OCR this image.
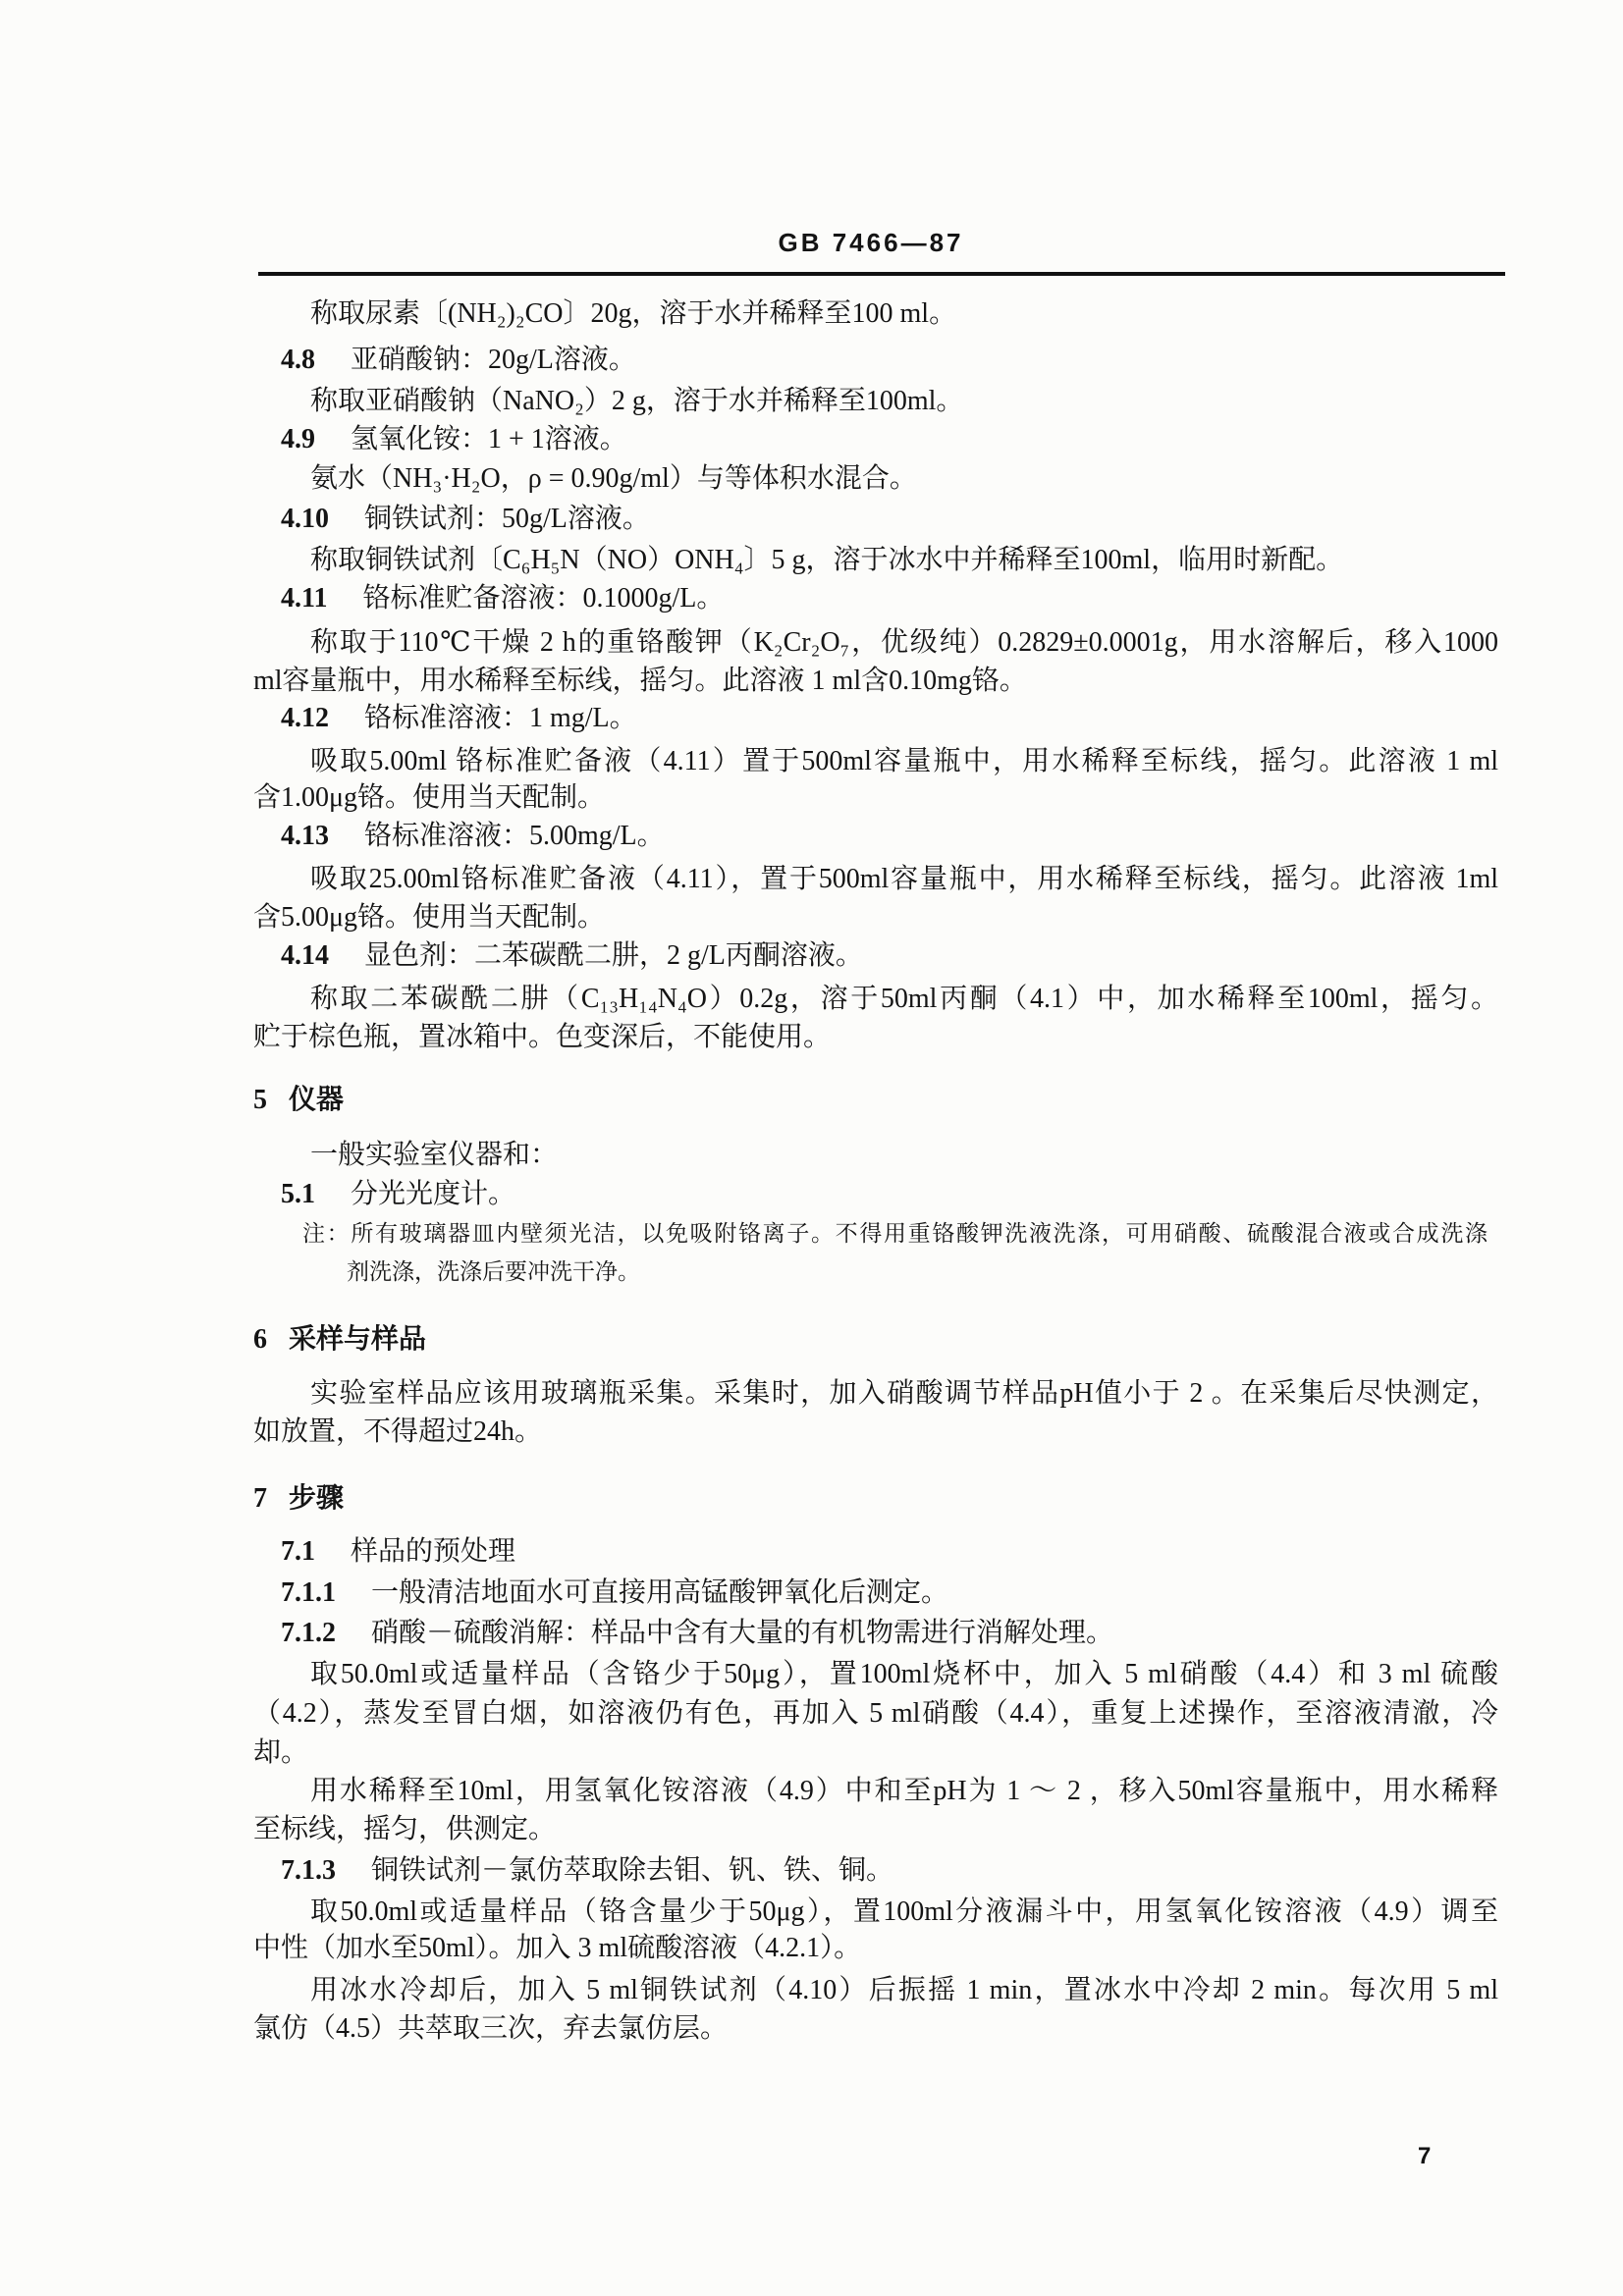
GB 7466—87
称取尿素〔(NH₂)₂CO〕20g，溶于水并稀释至100 ml。
4.8 亚硝酸钠：20g/L溶液。
称取亚硝酸钠（NaNO₂）2 g，溶于水并稀释至100ml。
4.9 氢氧化铵：1 + 1溶液。
氨水（NH₃·H₂O，ρ = 0.90g/ml）与等体积水混合。
4.10 铜铁试剂：50g/L溶液。
称取铜铁试剂〔C₆H₅N（NO）ONH₄〕5 g，溶于冰水中并稀释至100ml，临用时新配。
4.11 铬标准贮备溶液：0.1000g/L。
称取于110℃干燥 2 h的重铬酸钾（K₂Cr₂O₇，优级纯）0.2829±0.0001g，用水溶解后，移入1000
ml容量瓶中，用水稀释至标线，摇匀。此溶液 1 ml含0.10mg铬。
4.12 铬标准溶液：1 mg/L。
吸取5.00ml 铬标准贮备液（4.11）置于500ml容量瓶中，用水稀释至标线，摇匀。此溶液 1 ml
含1.00μg铬。使用当天配制。
4.13 铬标准溶液：5.00mg/L。
吸取25.00ml铬标准贮备液（4.11），置于500ml容量瓶中，用水稀释至标线，摇匀。此溶液 1ml
含5.00μg铬。使用当天配制。
4.14 显色剂：二苯碳酰二肼，2 g/L丙酮溶液。
称取二苯碳酰二肼（C₁₃H₁₄N₄O）0.2g，溶于50ml丙酮（4.1）中，加水稀释至100ml，摇匀。
贮于棕色瓶，置冰箱中。色变深后，不能使用。
5 仪器
一般实验室仪器和：
5.1 分光光度计。
注：所有玻璃器皿内壁须光洁，以免吸附铬离子。不得用重铬酸钾洗液洗涤，可用硝酸、硫酸混合液或合成洗涤
剂洗涤，洗涤后要冲洗干净。
6 采样与样品
实验室样品应该用玻璃瓶采集。采集时，加入硝酸调节样品pH值小于 2 。在采集后尽快测定，
如放置，不得超过24h。
7 步骤
7.1 样品的预处理
7.1.1 一般清洁地面水可直接用高锰酸钾氧化后测定。
7.1.2 硝酸－硫酸消解：样品中含有大量的有机物需进行消解处理。
取50.0ml或适量样品（含铬少于50μg），置100ml烧杯中，加入 5 ml硝酸（4.4）和 3 ml 硫酸
（4.2），蒸发至冒白烟，如溶液仍有色，再加入 5 ml硝酸（4.4），重复上述操作，至溶液清澈，冷
却。
用水稀释至10ml，用氢氧化铵溶液（4.9）中和至pH为 1 ～ 2 ，移入50ml容量瓶中，用水稀释
至标线，摇匀，供测定。
7.1.3 铜铁试剂－氯仿萃取除去钼、钒、铁、铜。
取50.0ml或适量样品（铬含量少于50μg），置100ml分液漏斗中，用氢氧化铵溶液（4.9）调至
中性（加水至50ml）。加入 3 ml硫酸溶液（4.2.1）。
用冰水冷却后，加入 5 ml铜铁试剂（4.10）后振摇 1 min，置冰水中冷却 2 min。每次用 5 ml
氯仿（4.5）共萃取三次，弃去氯仿层。
7
